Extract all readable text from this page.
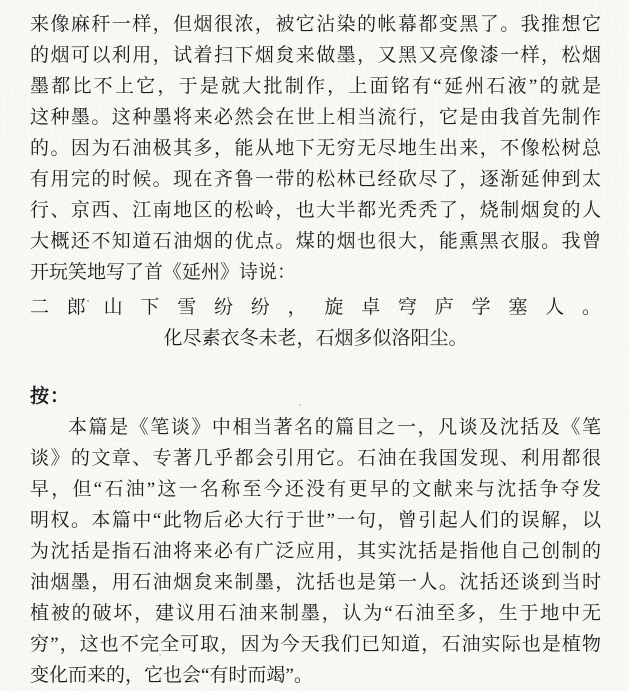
来像麻秆一样，但烟很浓，被它沾染的帐幕都变黑了。我推想它
的烟可以利用，试着扫下烟炱来做墨，又黑又亮像漆一样，松烟
墨都比不上它，于是就大批制作，上面铭有“延州石液”的就是
这种墨。这种墨将来必然会在世上相当流行，它是由我首先制作
的。因为石油极其多，能从地下无穷无尽地生出来，不像松树总
有用完的时候。现在齐鲁一带的松林已经砍尽了，逐渐延伸到太
行、京西、江南地区的松岭，也大半都光秃秃了，烧制烟炱的人
大概还不知道石油烟的优点。煤的烟也很大，能熏黑衣服。我曾
开玩笑地写了首《延州》诗说：
二郎山下雪纷纷，旋卓穹庐学塞人。
化尽素衣冬未老，石烟多似洛阳尘。
按：
本篇是《笔谈》中相当著名的篇目之一，凡谈及沈括及《笔
谈》的文章、专著几乎都会引用它。石油在我国发现、利用都很
早，但“石油”这一名称至今还没有更早的文献来与沈括争夺发
明权。本篇中“此物后必大行于世”一句，曾引起人们的误解，以
为沈括是指石油将来必有广泛应用，其实沈括是指他自己创制的
油烟墨，用石油烟炱来制墨，沈括也是第一人。沈括还谈到当时
植被的破坏，建议用石油来制墨，认为“石油至多，生于地中无
穷”，这也不完全可取，因为今天我们已知道，石油实际也是植物
变化而来的，它也会“有时而竭”。
